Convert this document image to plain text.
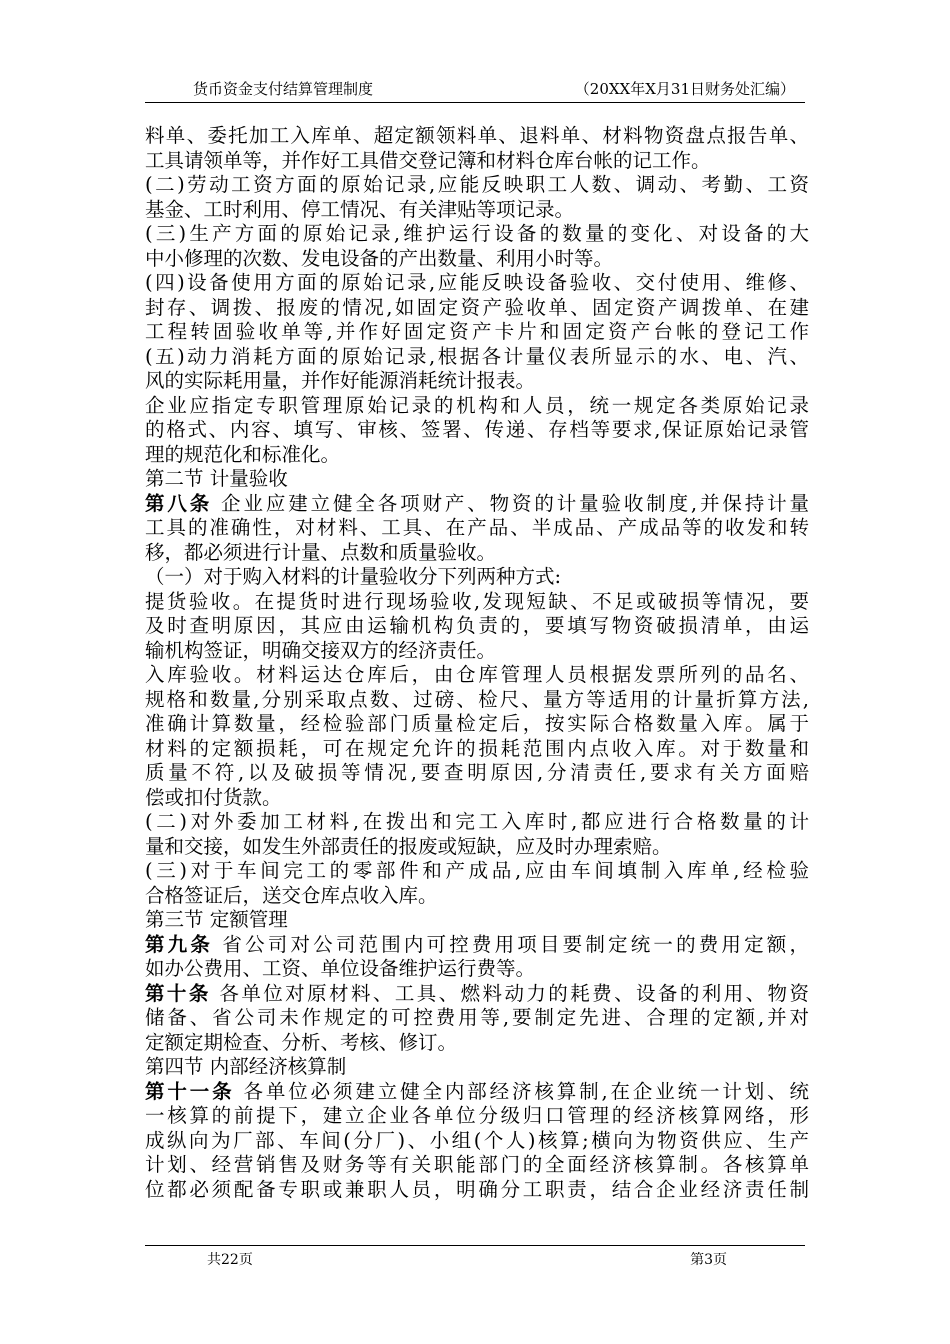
货币资金支付结算管理制度	（20XX年X月31日财务处汇编）
料单、委托加工入库单、超定额领料单、退料单、材料物资盘点报告单、
工具请领单等，并作好工具借交登记簿和材料仓库台帐的记工作。
(二)劳动工资方面的原始记录,应能反映职工人数、调动、考勤、工资
基金、工时利用、停工情况、有关津贴等项记录。
(三)生产方面的原始记录,维护运行设备的数量的变化、对设备的大
中小修理的次数、发电设备的产出数量、利用小时等。
(四)设备使用方面的原始记录,应能反映设备验收、交付使用、维修、
封存、调拨、报废的情况,如固定资产验收单、固定资产调拨单、在建
工程转固验收单等,并作好固定资产卡片和固定资产台帐的登记工作
(五)动力消耗方面的原始记录,根据各计量仪表所显示的水、电、汽、
风的实际耗用量，并作好能源消耗统计报表。
企业应指定专职管理原始记录的机构和人员，统一规定各类原始记录
的格式、内容、填写、审核、签署、传递、存档等要求,保证原始记录管
理的规范化和标准化。
第二节 计量验收
第八条 企业应建立健全各项财产、物资的计量验收制度,并保持计量
工具的准确性，对材料、工具、在产品、半成品、产成品等的收发和转
移，都必须进行计量、点数和质量验收。
（一）对于购入材料的计量验收分下列两种方式:
提货验收。在提货时进行现场验收,发现短缺、不足或破损等情况，要
及时查明原因，其应由运输机构负责的，要填写物资破损清单，由运
输机构签证，明确交接双方的经济责任。
入库验收。材料运达仓库后，由仓库管理人员根据发票所列的品名、
规格和数量,分别采取点数、过磅、检尺、量方等适用的计量折算方法,
准确计算数量，经检验部门质量检定后，按实际合格数量入库。属于
材料的定额损耗，可在规定允许的损耗范围内点收入库。对于数量和
质量不符,以及破损等情况,要查明原因,分清责任,要求有关方面赔
偿或扣付货款。
(二)对外委加工材料,在拨出和完工入库时,都应进行合格数量的计
量和交接，如发生外部责任的报废或短缺，应及时办理索赔。
(三)对于车间完工的零部件和产成品,应由车间填制入库单,经检验
合格签证后，送交仓库点收入库。
第三节 定额管理
第九条 省公司对公司范围内可控费用项目要制定统一的费用定额，
如办公费用、工资、单位设备维护运行费等。
第十条 各单位对原材料、工具、燃料动力的耗费、设备的利用、物资
储备、省公司未作规定的可控费用等,要制定先进、合理的定额,并对
定额定期检查、分析、考核、修订。
第四节 内部经济核算制
第十一条 各单位必须建立健全内部经济核算制,在企业统一计划、统
一核算的前提下，建立企业各单位分级归口管理的经济核算网络，形
成纵向为厂部、车间(分厂)、小组(个人)核算;横向为物资供应、生产
计划、经营销售及财务等有关职能部门的全面经济核算制。各核算单
位都必须配备专职或兼职人员，明确分工职责，结合企业经济责任制
共22页	第3页
